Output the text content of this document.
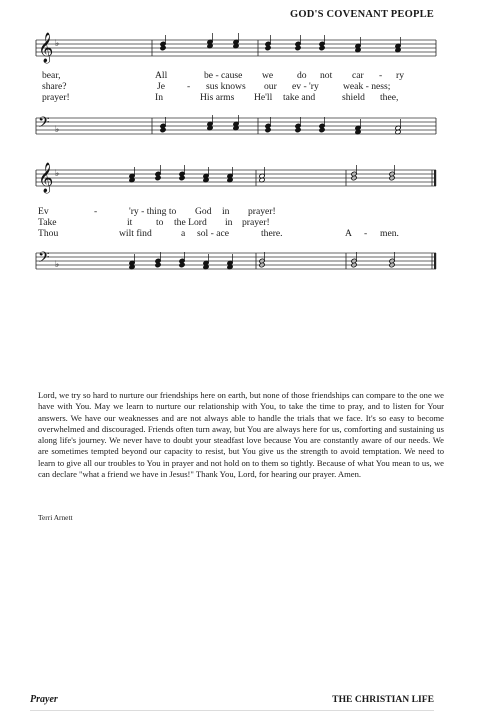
GOD'S COVENANT PEOPLE
𝄞 ♭
bear,	All	be - cause we do not car - ry
share?	Je - sus knows our ev - 'ry	weak - ness;
prayer!	In	His arms He'll take and	shield thee,
𝄢 ♭
𝄞 ♭
Ev	-	'ry - thing to God in prayer!
Take	it to the Lord in prayer!
Thou	wilt find	a sol - ace	there.	A - men.
𝄢 ♭
Lord, we try so hard to nurture our friendships here on earth, but none of those friendships can compare to the one we have with You. May we learn to nurture our relationship with You, to take the time to pray, and to listen for Your answers. We have our weaknesses and are not always able to handle the trials that we face. It's so easy to become overwhelmed and discouraged. Friends often turn away, but You are always here for us, comforting and sustaining us along life's journey. We never have to doubt your steadfast love because You are constantly aware of our needs. We are sometimes tempted beyond our capacity to resist, but You give us the strength to avoid temptation. We need to learn to give all our troubles to You in prayer and not hold on to them so tightly. Because of what You mean to us, we can declare "what a friend we have in Jesus!" Thank You, Lord, for hearing our prayer. Amen.
Terri Arnett
Prayer	THE CHRISTIAN LIFE
